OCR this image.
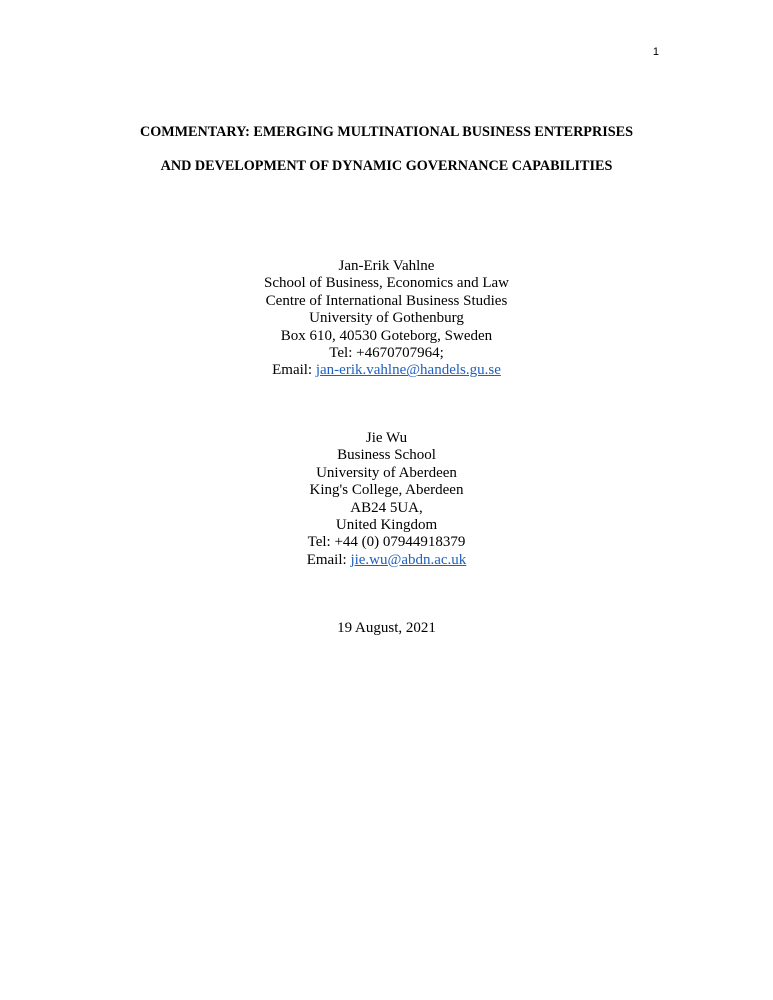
1
COMMENTARY: EMERGING MULTINATIONAL BUSINESS ENTERPRISES
AND DEVELOPMENT OF DYNAMIC GOVERNANCE CAPABILITIES
Jan-Erik Vahlne
School of Business, Economics and Law
Centre of International Business Studies
University of Gothenburg
Box 610, 40530 Goteborg, Sweden
Tel: +4670707964;
Email: jan-erik.vahlne@handels.gu.se
Jie Wu
Business School
University of Aberdeen
King's College, Aberdeen
AB24 5UA,
United Kingdom
Tel: +44 (0) 07944918379
Email: jie.wu@abdn.ac.uk
19 August, 2021
